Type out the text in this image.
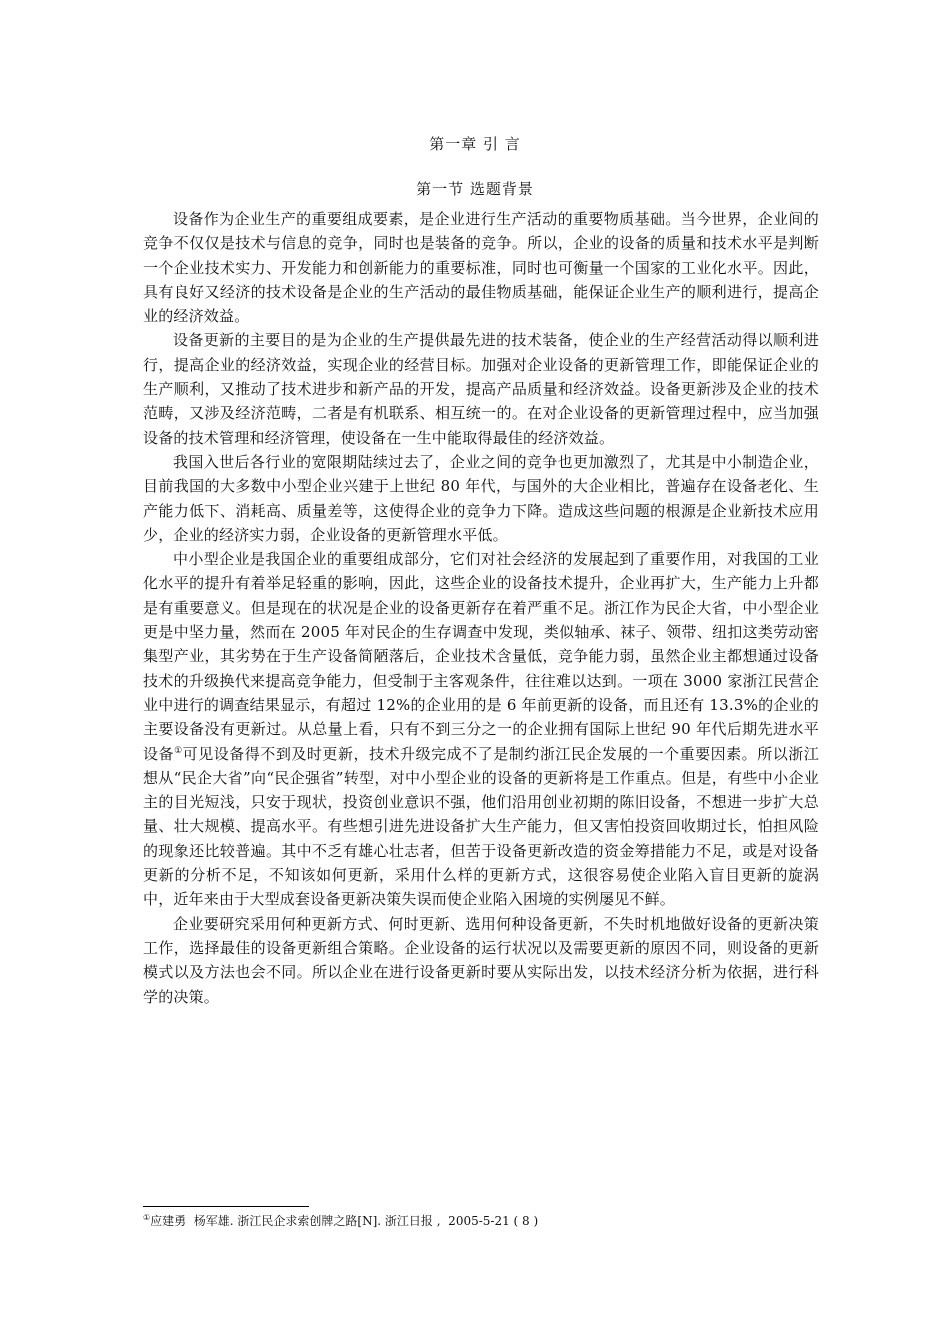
第一章 引 言
第一节 选题背景

设备作为企业生产的重要组成要素，是企业进行生产活动的重要物质基础。当今世界，企业间的竞争不仅仅是技术与信息的竞争，同时也是装备的竞争。所以，企业的设备的质量和技术水平是判断一个企业技术实力、开发能力和创新能力的重要标准，同时也可衡量一个国家的工业化水平。因此，具有良好又经济的技术设备是企业的生产活动的最佳物质基础，能保证企业生产的顺利进行，提高企业的经济效益。

设备更新的主要目的是为企业的生产提供最先进的技术装备，使企业的生产经营活动得以顺利进行，提高企业的经济效益，实现企业的经营目标。加强对企业设备的更新管理工作，即能保证企业的生产顺利，又推动了技术进步和新产品的开发，提高产品质量和经济效益。设备更新涉及企业的技术范畴，又涉及经济范畴，二者是有机联系、相互统一的。在对企业设备的更新管理过程中，应当加强设备的技术管理和经济管理，使设备在一生中能取得最佳的经济效益。

我国入世后各行业的宽限期陆续过去了，企业之间的竞争也更加激烈了，尤其是中小制造企业，目前我国的大多数中小型企业兴建于上世纪 80 年代，与国外的大企业相比，普遍存在设备老化、生产能力低下、消耗高、质量差等，这使得企业的竞争力下降。造成这些问题的根源是企业新技术应用少，企业的经济实力弱，企业设备的更新管理水平低。

中小型企业是我国企业的重要组成部分，它们对社会经济的发展起到了重要作用，对我国的工业化水平的提升有着举足轻重的影响，因此，这些企业的设备技术提升，企业再扩大，生产能力上升都是有重要意义。但是现在的状况是企业的设备更新存在着严重不足。浙江作为民企大省，中小型企业更是中坚力量，然而在 2005 年对民企的生存调查中发现，类似轴承、袜子、领带、纽扣这类劳动密集型产业，其劣势在于生产设备简陋落后，企业技术含量低，竞争能力弱，虽然企业主都想通过设备技术的升级换代来提高竞争能力，但受制于主客观条件，往往难以达到。一项在 3000 家浙江民营企业中进行的调查结果显示，有超过 12%的企业用的是 6 年前更新的设备，而且还有 13.3%的企业的主要设备没有更新过。从总量上看，只有不到三分之一的企业拥有国际上世纪 90 年代后期先进水平设备①可见设备得不到及时更新，技术升级完成不了是制约浙江民企发展的一个重要因素。所以浙江想从“民企大省”向“民企强省”转型，对中小型企业的设备的更新将是工作重点。但是，有些中小企业主的目光短浅，只安于现状，投资创业意识不强，他们沿用创业初期的陈旧设备，不想进一步扩大总量、壮大规模、提高水平。有些想引进先进设备扩大生产能力，但又害怕投资回收期过长，怕担风险的现象还比较普遍。其中不乏有雄心壮志者，但苦于设备更新改造的资金筹措能力不足，或是对设备更新的分析不足，不知该如何更新，采用什么样的更新方式，这很容易使企业陷入盲目更新的旋涡中，近年来由于大型成套设备更新决策失误而使企业陷入困境的实例屡见不鲜。

企业要研究采用何种更新方式、何时更新、选用何种设备更新，不失时机地做好设备的更新决策工作，选择最佳的设备更新组合策略。企业设备的运行状况以及需要更新的原因不同，则设备的更新模式以及方法也会不同。所以企业在进行设备更新时要从实际出发，以技术经济分析为依据，进行科学的决策。

①应建勇  杨军雄. 浙江民企求索创牌之路[N]. 浙江日报 ,  2005-5-21 ( 8 )
